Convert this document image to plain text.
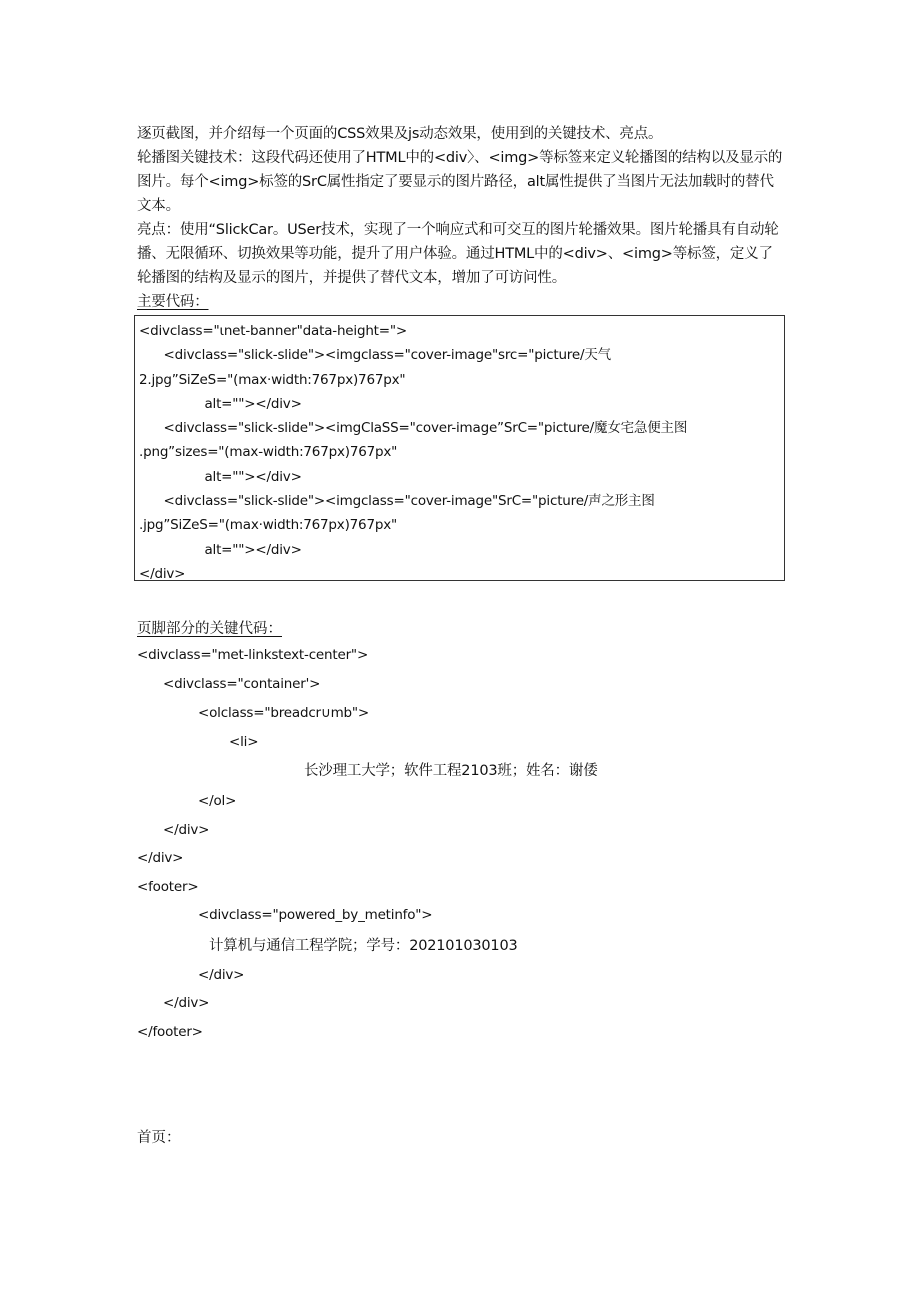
逐页截图，并介绍每一个页面的CSS效果及js动态效果，使用到的关键技术、亮点。

轮播图关键技术：这段代码还使用了HTML中的<div〉、<img>等标签来定义轮播图的结构以及显示的图片。每个<img>标签的SrC属性指定了要显示的图片路径，alt属性提供了当图片无法加载时的替代文本。

亮点：使用“SlickCar。USer技术，实现了一个响应式和可交互的图片轮播效果。图片轮播具有自动轮播、无限循环、切换效果等功能，提升了用户体验。通过HTML中的<div>、<img>等标签，定义了轮播图的结构及显示的图片，并提供了替代文本，增加了可访问性。

主要代码：

<divclass="ιnet-banner"data-height=">
<divclass="slick-slide"><imgclass="cover-image"src="picture/天气
2.jpg”SiZeS="(max·width:767px)767px"
alt=""></div>
<divclass="slick-slide"><imgClaSS="cover-image”SrC="picture/魔女宅急便主图
.png”sizes="(max-width:767px)767px"
alt=""></div>
<divclass="slick-slide"><imgclass="cover-image"SrC="picture/声之形主图
.jpg”SiZeS="(max·width:767px)767px"
alt=""></div>
</div>
页脚部分的关键代码：
<divclass="met-linkstext-center">
<divclass="container'>
<olclass="breadcr∪mb">
<li>
长沙理工大学；软件工程2103班；姓名：谢倭
</ol>
</div>
</div>
<footer>
<divclass="powered_by_metinfo">
计算机与通信工程学院；学号：202101030103
</div>
</div>
</footer>
首页：
